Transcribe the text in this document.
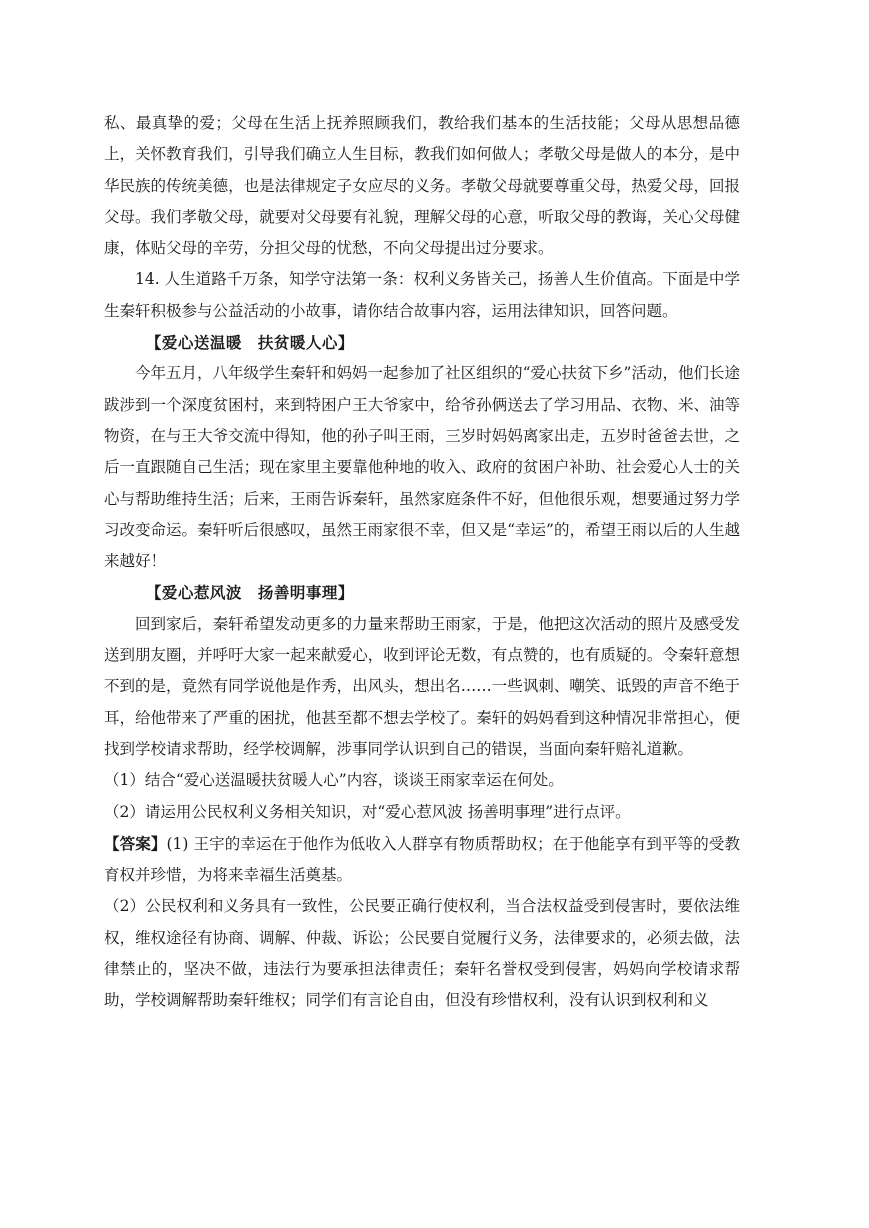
私、最真挚的爱；父母在生活上抚养照顾我们，教给我们基本的生活技能；父母从思想品德上，关怀教育我们，引导我们确立人生目标，教我们如何做人；孝敬父母是做人的本分，是中华民族的传统美德，也是法律规定子女应尽的义务。孝敬父母就要尊重父母，热爱父母，回报父母。我们孝敬父母，就要对父母要有礼貌，理解父母的心意，听取父母的教诲，关心父母健康，体贴父母的辛劳，分担父母的忧愁，不向父母提出过分要求。

14. 人生道路千万条，知学守法第一条：权利义务皆关己，扬善人生价值高。下面是中学生秦轩积极参与公益活动的小故事，请你结合故事内容，运用法律知识，回答问题。

【爱心送温暖　扶贫暖人心】

今年五月，八年级学生秦轩和妈妈一起参加了社区组织的“爱心扶贫下乡”活动，他们长途跋涉到一个深度贫困村，来到特困户王大爷家中，给爷孙俩送去了学习用品、衣物、米、油等物资，在与王大爷交流中得知，他的孙子叫王雨，三岁时妈妈离家出走，五岁时爸爸去世，之后一直跟随自己生活；现在家里主要靠他种地的收入、政府的贫困户补助、社会爱心人士的关心与帮助维持生活；后来，王雨告诉秦轩，虽然家庭条件不好，但他很乐观，想要通过努力学习改变命运。秦轩听后很感叹，虽然王雨家很不幸，但又是“幸运”的，希望王雨以后的人生越来越好！

【爱心惹风波　扬善明事理】

回到家后，秦轩希望发动更多的力量来帮助王雨家，于是，他把这次活动的照片及感受发送到朋友圈，并呼吁大家一起来献爱心，收到评论无数，有点赞的，也有质疑的。令秦轩意想不到的是，竟然有同学说他是作秀，出风头，想出名……一些讽刺、嘲笑、诋毁的声音不绝于耳，给他带来了严重的困扰，他甚至都不想去学校了。秦轩的妈妈看到这种情况非常担心，便找到学校请求帮助，经学校调解，涉事同学认识到自己的错误，当面向秦轩赔礼道歉。

（1）结合“爱心送温暖扶贫暖人心”内容，谈谈王雨家幸运在何处。

（2）请运用公民权利义务相关知识，对“爱心惹风波 扬善明事理”进行点评。

【答案】(1) 王宇的幸运在于他作为低收入人群享有物质帮助权；在于他能享有到平等的受教育权并珍惜，为将来幸福生活奠基。

（2）公民权利和义务具有一致性，公民要正确行使权利，当合法权益受到侵害时，要依法维权，维权途径有协商、调解、仲裁、诉讼；公民要自觉履行义务，法律要求的，必须去做，法律禁止的，坚决不做，违法行为要承担法律责任；秦轩名誉权受到侵害，妈妈向学校请求帮助，学校调解帮助秦轩维权；同学们有言论自由，但没有珍惜权利，没有认识到权利和义
